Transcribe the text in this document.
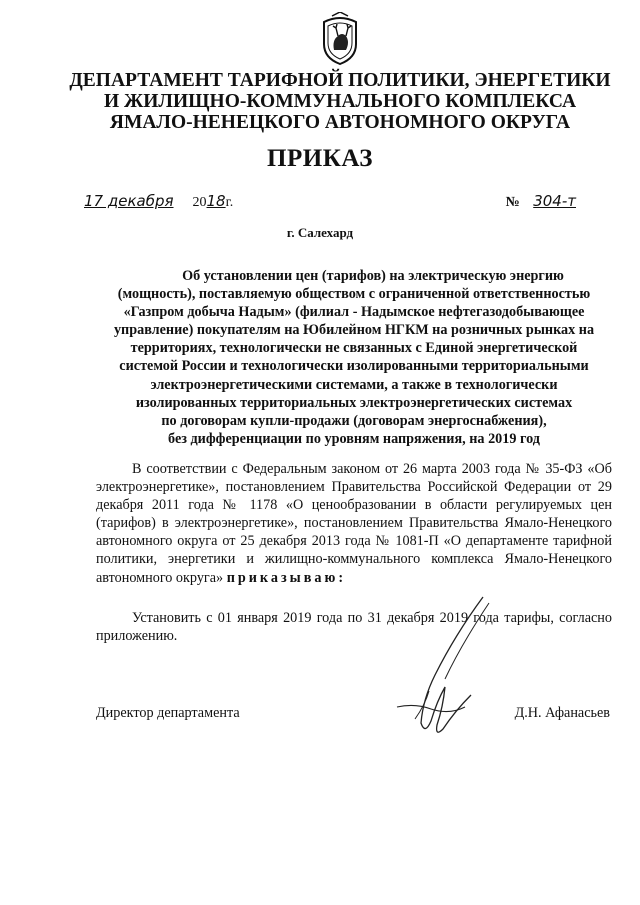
ДЕПАРТАМЕНТ ТАРИФНОЙ ПОЛИТИКИ, ЭНЕРГЕТИКИ
И ЖИЛИЩНО-КОММУНАЛЬНОГО КОМПЛЕКСА
ЯМАЛО-НЕНЕЦКОГО АВТОНОМНОГО ОКРУГА
ПРИКАЗ
17 декабря 2018г.	№ 304-т
г. Салехард
Об установлении цен (тарифов) на электрическую энергию
(мощность), поставляемую обществом с ограниченной ответственностью
«Газпром добыча Надым» (филиал - Надымское нефтегазодобывающее
управление) покупателям на Юбилейном НГКМ на розничных рынках на
территориях, технологически не связанных с Единой энергетической
системой России и технологически изолированными территориальными
электроэнергетическими системами, а также в технологически
изолированных территориальных электроэнергетических системах
по договорам купли-продажи (договорам энергоснабжения),
без дифференциации по уровням напряжения, на 2019 год
В соответствии с Федеральным законом от 26 марта 2003 года № 35-ФЗ «Об электроэнергетике», постановлением Правительства Российской Федерации от 29 декабря 2011 года № 1178 «О ценообразовании в области регулируемых цен (тарифов) в электроэнергетике», постановлением Правительства Ямало-Ненецкого автономного округа от 25 декабря 2013 года № 1081-П «О департаменте тарифной политики, энергетики и жилищно-коммунального комплекса Ямало-Ненецкого автономного округа» приказываю:
Установить с 01 января 2019 года по 31 декабря 2019 года тарифы, согласно приложению.
Директор департамента	Д.Н. Афанасьев
